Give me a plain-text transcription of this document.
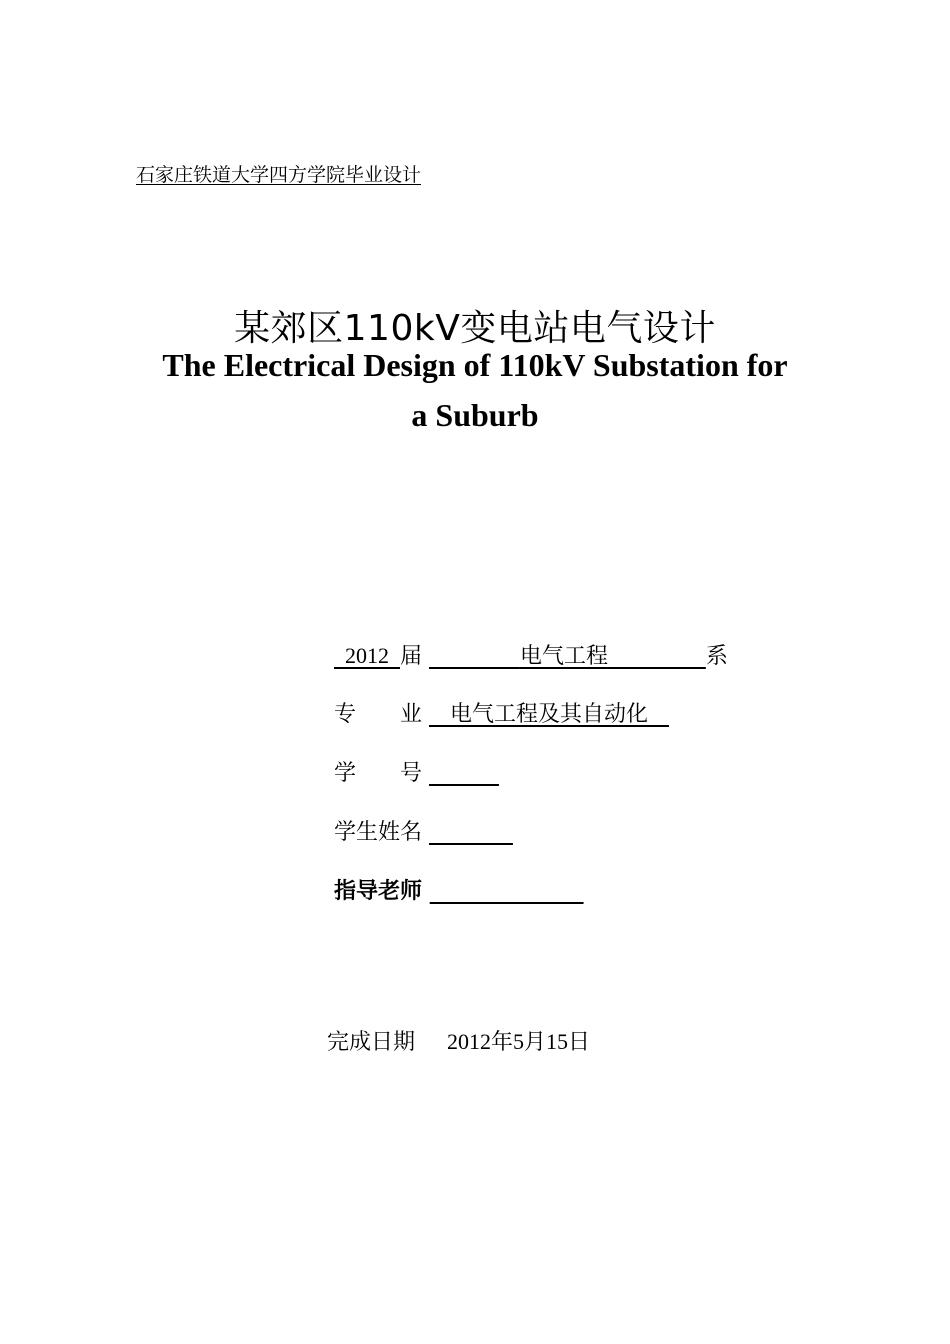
石家庄铁道大学四方学院毕业设计
某郊区110kV变电站电气设计
The Electrical Design of 110kV Substation for
a Suburb
2012 届	电气工程	系
专　　业 电气工程及其自动化
学　　号
学生姓名
指导老师
完成日期 2012年5月15日
